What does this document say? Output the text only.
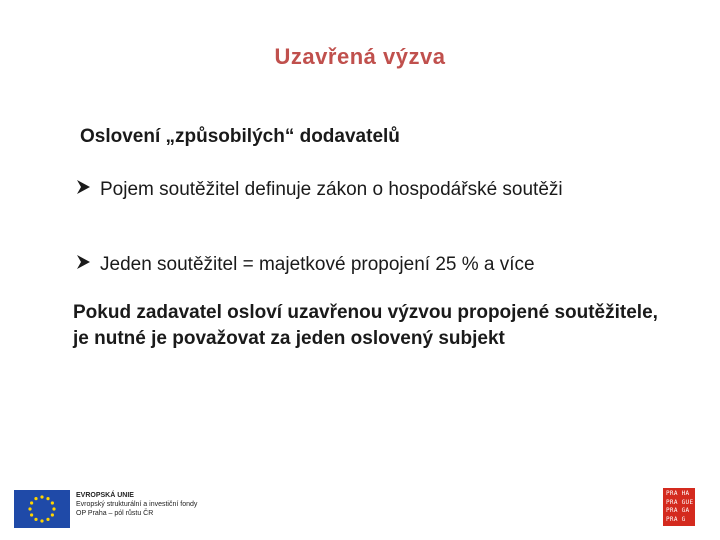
Uzavřená výzva
Oslovení „způsobilých“ dodavatelů
Pojem soutěžitel definuje zákon o hospodářské soutěži
Jeden soutěžitel = majetkové propojení 25 % a více
Pokud zadavatel osloví uzavřenou výzvou propojené soutěžitele, je nutné je považovat za jeden oslovený subjekt
EVROPSKÁ UNIE
Evropský strukturální a investiční fondy
OP Praha – pól růstu ČR
PRA HA
PRA GUE
PRA GA
PRA G
